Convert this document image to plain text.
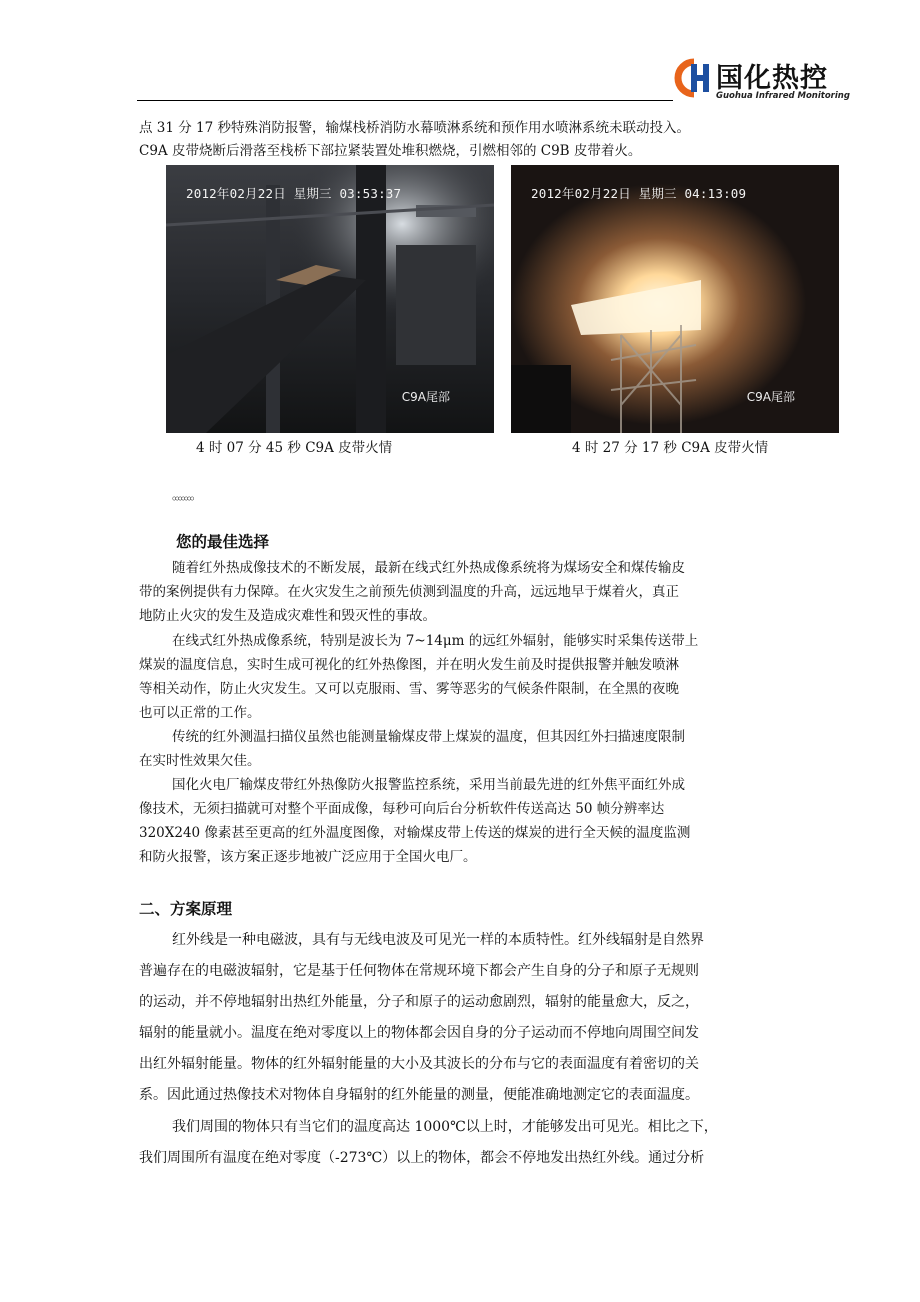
国化热控
Guohua Infrared Monitoring
点 31 分 17 秒特殊消防报警，输煤栈桥消防水幕喷淋系统和预作用水喷淋系统未联动投入。
C9A 皮带烧断后滑落至栈桥下部拉紧装置处堆积燃烧，引燃相邻的 C9B 皮带着火。
2012年02月22日 星期三 03:53:37
C9A尾部
2012年02月22日 星期三 04:13:09
C9A尾部
4 时 07 分 45 秒 C9A 皮带火情	4 时 27 分 17 秒 C9A 皮带火情
。。。。。。。
您的最佳选择
随着红外热成像技术的不断发展，最新在线式红外热成像系统将为煤场安全和煤传输皮
带的案例提供有力保障。在火灾发生之前预先侦测到温度的升高，远远地早于煤着火，真正
地防止火灾的发生及造成灾难性和毁灭性的事故。
在线式红外热成像系统，特别是波长为 7~14μm 的远红外辐射，能够实时采集传送带上
煤炭的温度信息，实时生成可视化的红外热像图，并在明火发生前及时提供报警并触发喷淋
等相关动作，防止火灾发生。又可以克服雨、雪、雾等恶劣的气候条件限制，在全黑的夜晚
也可以正常的工作。
传统的红外测温扫描仪虽然也能测量输煤皮带上煤炭的温度，但其因红外扫描速度限制
在实时性效果欠佳。
国化火电厂输煤皮带红外热像防火报警监控系统，采用当前最先进的红外焦平面红外成
像技术，无须扫描就可对整个平面成像，每秒可向后台分析软件传送高达 50 帧分辨率达
320X240 像素甚至更高的红外温度图像，对输煤皮带上传送的煤炭的进行全天候的温度监测
和防火报警，该方案正逐步地被广泛应用于全国火电厂。
二、方案原理
红外线是一种电磁波，具有与无线电波及可见光一样的本质特性。红外线辐射是自然界
普遍存在的电磁波辐射，它是基于任何物体在常规环境下都会产生自身的分子和原子无规则
的运动，并不停地辐射出热红外能量，分子和原子的运动愈剧烈，辐射的能量愈大，反之，
辐射的能量就小。温度在绝对零度以上的物体都会因自身的分子运动而不停地向周围空间发
出红外辐射能量。物体的红外辐射能量的大小及其波长的分布与它的表面温度有着密切的关
系。因此通过热像技术对物体自身辐射的红外能量的测量，便能准确地测定它的表面温度。
我们周围的物体只有当它们的温度高达 1000℃以上时，才能够发出可见光。相比之下，
我们周围所有温度在绝对零度（-273℃）以上的物体，都会不停地发出热红外线。通过分析
